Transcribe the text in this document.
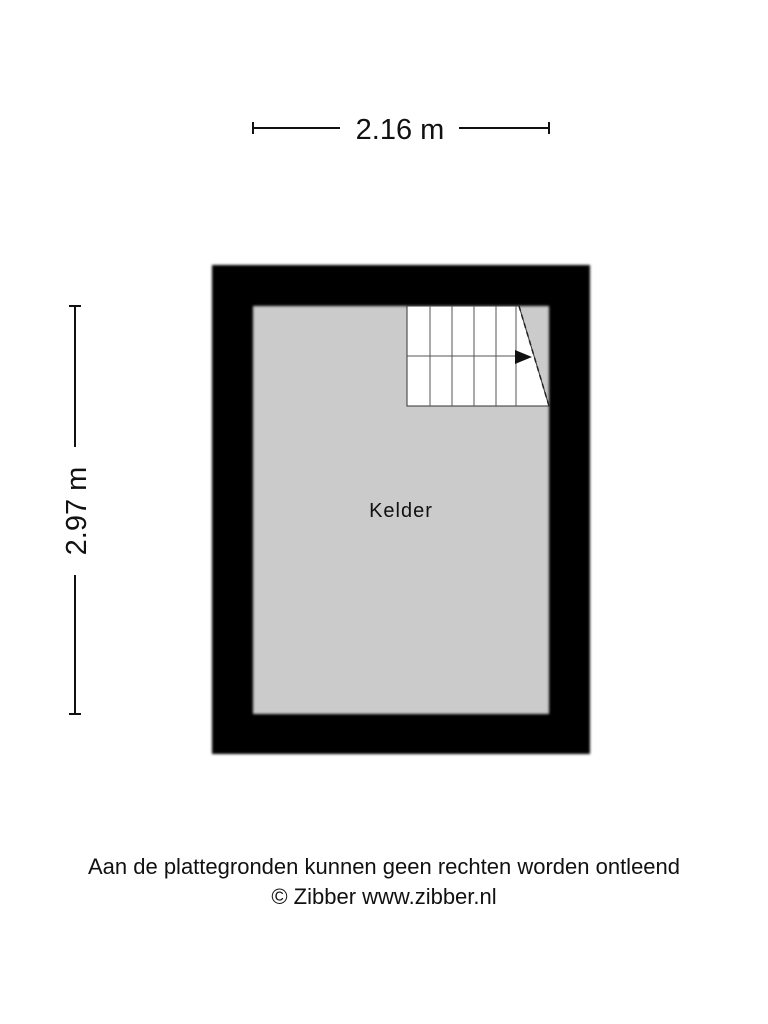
2.16 m
2.97 m	Kelder
Aan de plattegronden kunnen geen rechten worden ontleend
© Zibber www.zibber.nl
